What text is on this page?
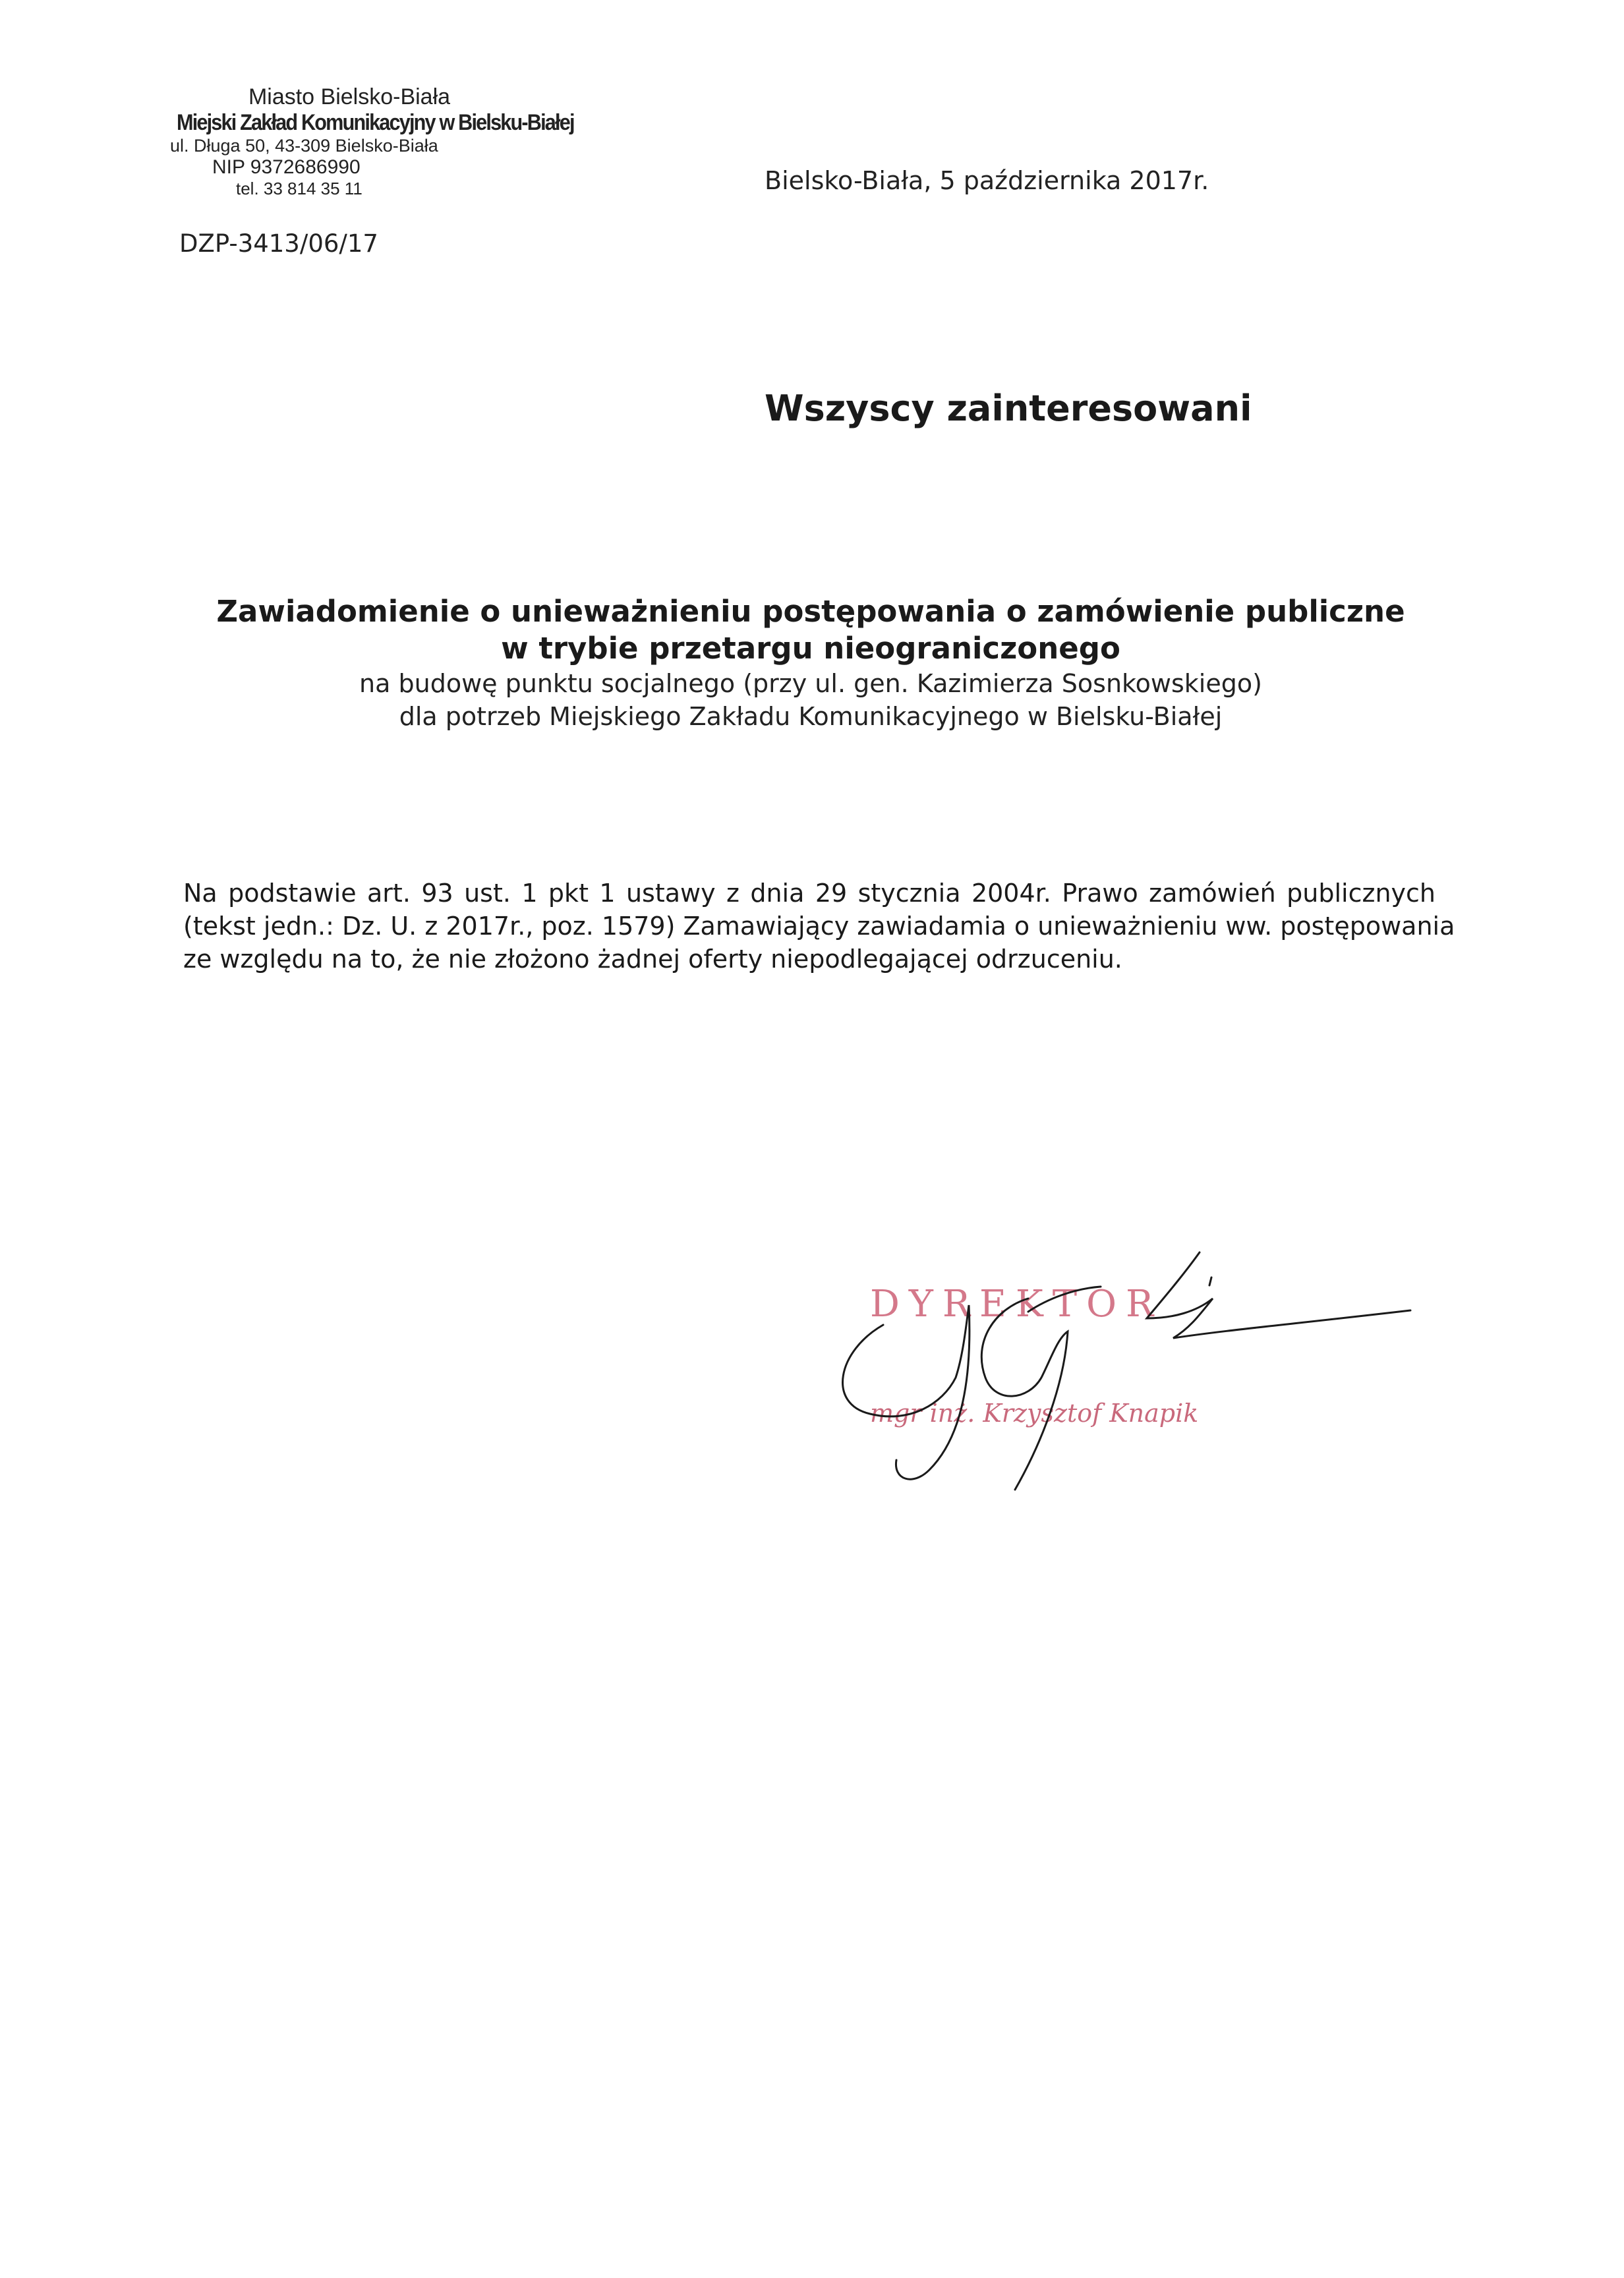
Miasto Bielsko-Biała
Miejski Zakład Komunikacyjny w Bielsku-Białej
ul. Długa 50, 43-309 Bielsko-Biała
NIP 9372686990
tel. 33 814 35 11
DZP-3413/06/17
Bielsko-Biała, 5 października 2017r.
Wszyscy zainteresowani
Zawiadomienie o unieważnieniu postępowania o zamówienie publiczne
w trybie przetargu nieograniczonego
na budowę punktu socjalnego (przy ul. gen. Kazimierza Sosnkowskiego)
dla potrzeb Miejskiego Zakładu Komunikacyjnego w Bielsku-Białej
Na podstawie art. 93 ust. 1 pkt 1 ustawy z dnia 29 stycznia 2004r. Prawo zamówień publicznych
(tekst jedn.: Dz. U. z 2017r., poz. 1579) Zamawiający zawiadamia o unieważnieniu ww. postępowania
ze względu na to, że nie złożono żadnej oferty niepodlegającej odrzuceniu.
DYREKTOR
mgr inż. Krzysztof Knapik
